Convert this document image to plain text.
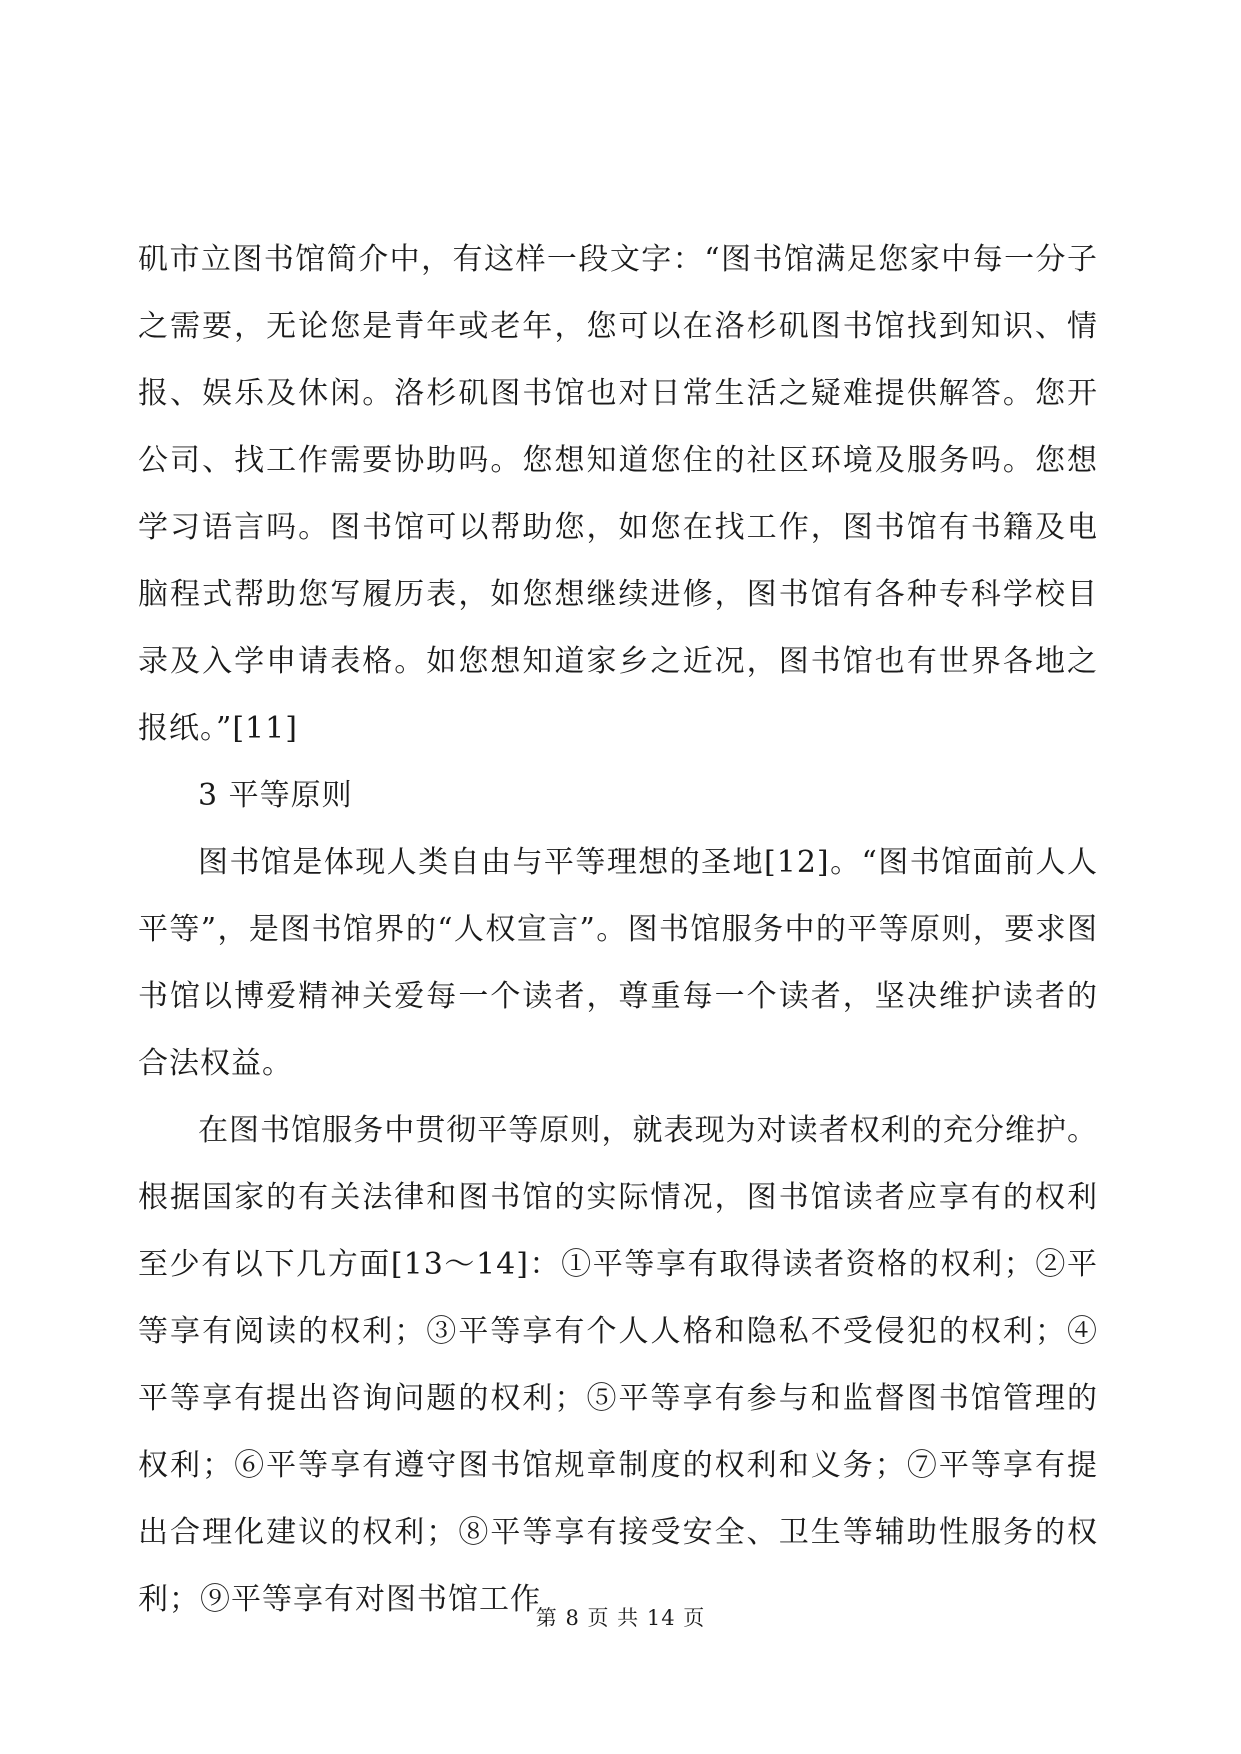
矶市立图书馆简介中，有这样一段文字：“图书馆满足您家中每一分子之需要，无论您是青年或老年，您可以在洛杉矶图书馆找到知识、情报、娱乐及休闲。洛杉矶图书馆也对日常生活之疑难提供解答。您开公司、找工作需要协助吗。您想知道您住的社区环境及服务吗。您想学习语言吗。图书馆可以帮助您，如您在找工作，图书馆有书籍及电脑程式帮助您写履历表，如您想继续进修，图书馆有各种专科学校目录及入学申请表格。如您想知道家乡之近况，图书馆也有世界各地之报纸。”[11]

3 平等原则

图书馆是体现人类自由与平等理想的圣地[12]。“图书馆面前人人平等”，是图书馆界的“人权宣言”。图书馆服务中的平等原则，要求图书馆以博爱精神关爱每一个读者，尊重每一个读者，坚决维护读者的合法权益。

在图书馆服务中贯彻平等原则，就表现为对读者权利的充分维护。根据国家的有关法律和图书馆的实际情况，图书馆读者应享有的权利至少有以下几方面[13～14]：①平等享有取得读者资格的权利；②平等享有阅读的权利；③平等享有个人人格和隐私不受侵犯的权利；④平等享有提出咨询问题的权利；⑤平等享有参与和监督图书馆管理的权利；⑥平等享有遵守图书馆规章制度的权利和义务；⑦平等享有提出合理化建议的权利；⑧平等享有接受安全、卫生等辅助性服务的权利；⑨平等享有对图书馆工作

第 8 页 共 14 页
